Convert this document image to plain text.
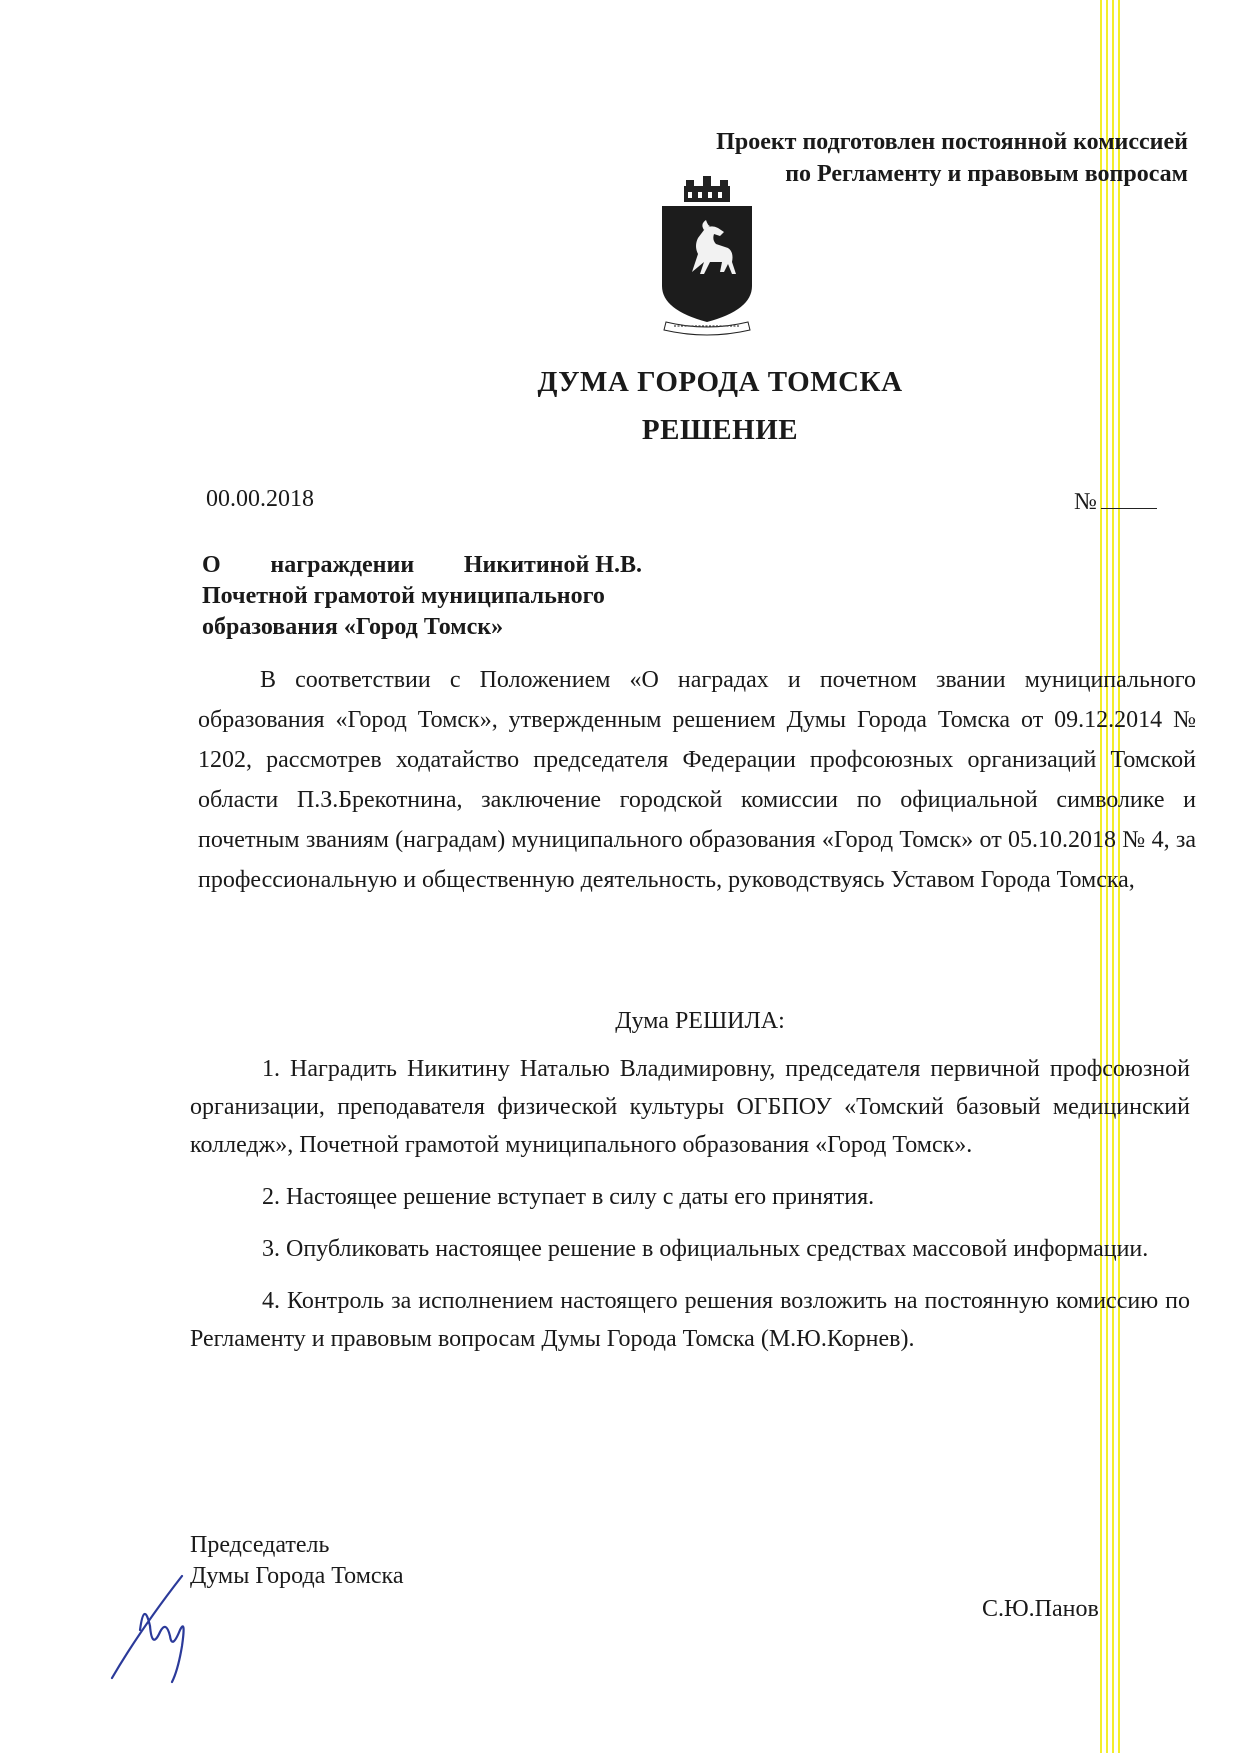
Проект подготовлен постоянной комиссией
по Регламенту и правовым вопросам
ДУМА ГОРОДА ТОМСКА
РЕШЕНИЕ
00.00.2018	№
О награждении Никитиной Н.В.
Почетной грамотой муниципального
образования «Город Томск»

В соответствии с Положением «О наградах и почетном звании муниципального образования «Город Томск», утвержденным решением Думы Города Томска от 09.12.2014 № 1202, рассмотрев ходатайство председателя Федерации профсоюзных организаций Томской области П.З.Брекотнина, заключение городской комиссии по официальной символике и почетным званиям (наградам) муниципального образования «Город Томск» от 05.10.2018 № 4, за профессиональную и общественную деятельность, руководствуясь Уставом Города Томска,

Дума РЕШИЛА:

1. Наградить Никитину Наталью Владимировну, председателя первичной профсоюзной организации, преподавателя физической культуры ОГБПОУ «Томский базовый медицинский колледж», Почетной грамотой муниципального образования «Город Томск».

2. Настоящее решение вступает в силу с даты его принятия.

3. Опубликовать настоящее решение в официальных средствах массовой информации.

4. Контроль за исполнением настоящего решения возложить на постоянную комиссию по Регламенту и правовым вопросам Думы Города Томска (М.Ю.Корнев).

Председатель
Думы Города Томска
С.Ю.Панов
